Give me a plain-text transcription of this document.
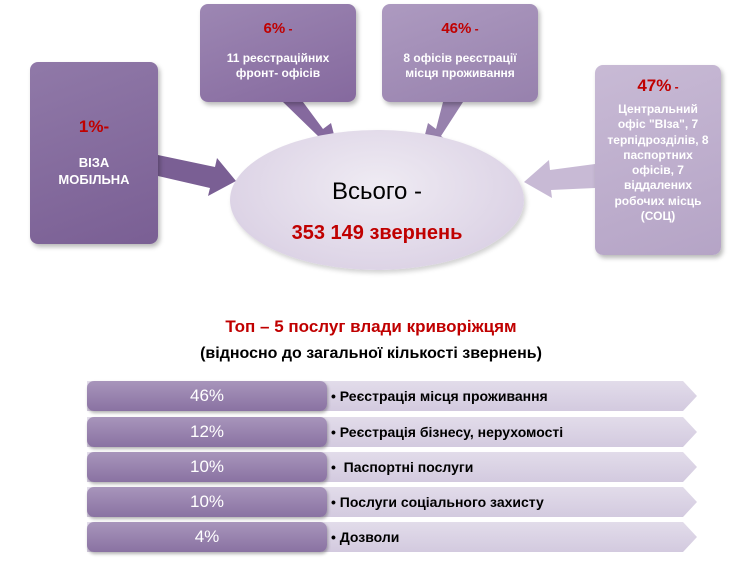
1%-
ВІЗА
МОБІЛЬНА
6% -
11 реєстраційних
фронт- офісів
46% -
8 офісів реєстрації
місця проживання
47% -
Центральний
офіс "ВІза", 7
терпідрозділів, 8
паспортних
офісів, 7
віддалених
робочих місць
(СОЦ)
Всього -
353 149 звернень
Топ – 5 послуг влади криворіжцям
(відносно до загальної кількості звернень)
46%	• Реєстрація місця проживання
12%	• Реєстрація бізнесу, нерухомості
10%	•  Паспортні послуги
10%	• Послуги соціального захисту
4%	• Дозволи
